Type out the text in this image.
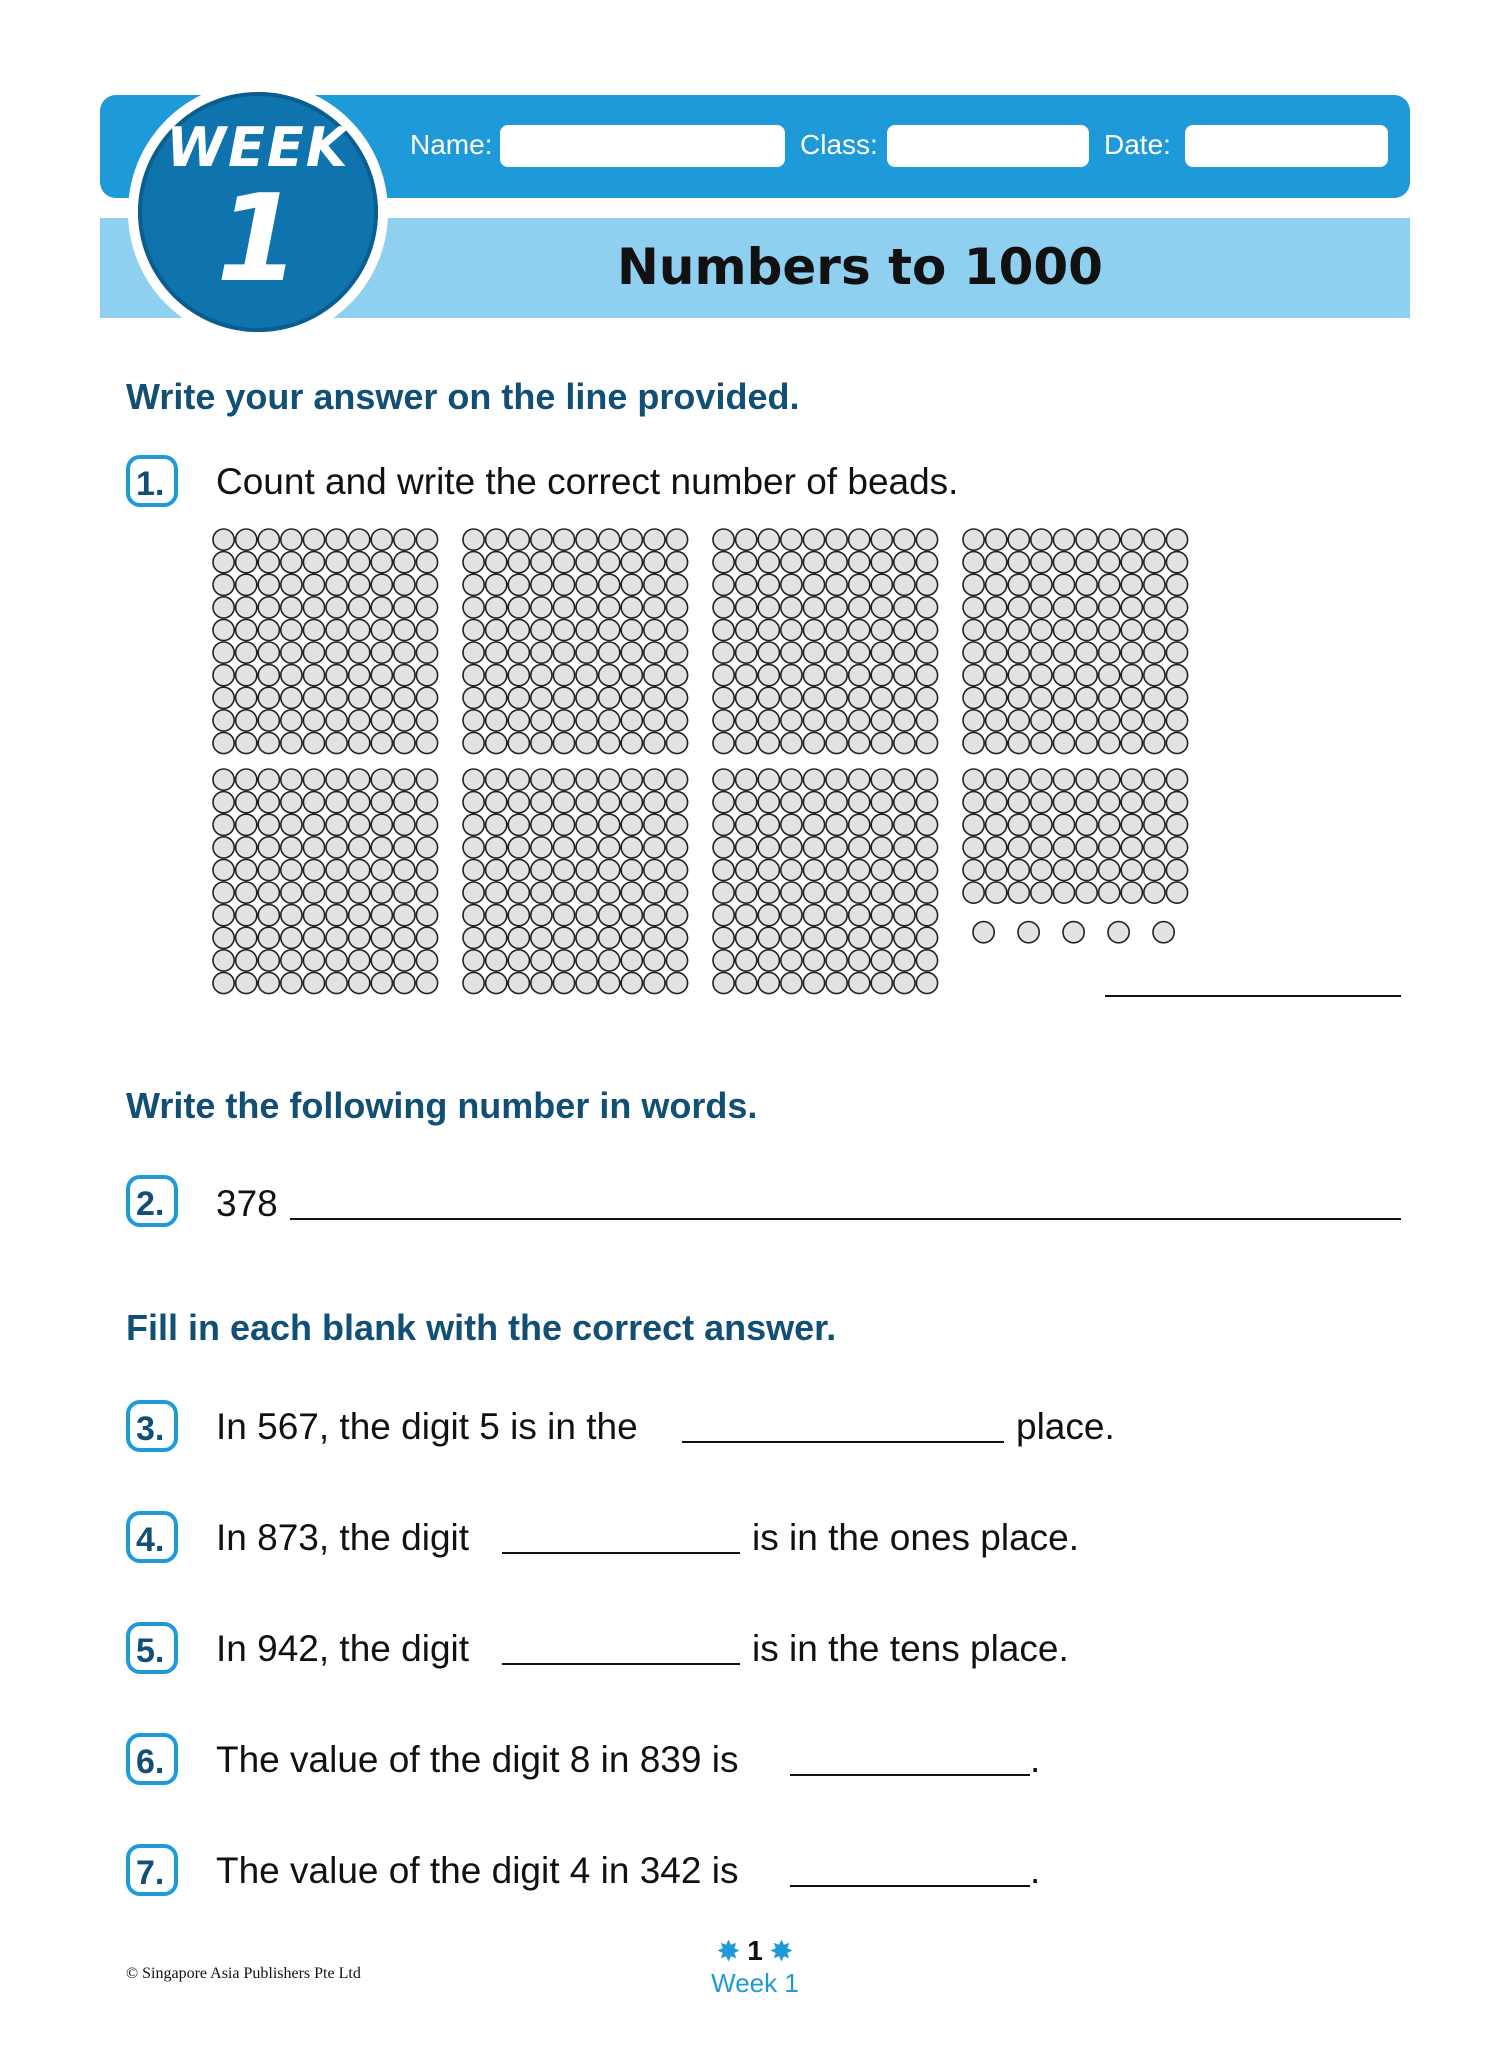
WEEK
1
Name:	Class:	Date:
Numbers to 1000
Write your answer on the line provided.
1. Count and write the correct number of beads.
Write the following number in words.
2. 378
Fill in each blank with the correct answer.
3. In 567, the digit 5 is in the	place.
4. In 873, the digit	is in the ones place.
5. In 942, the digit	is in the tens place.
6. The value of the digit 8 in 839 is	.
7. The value of the digit 4 in 342 is	.
© Singapore Asia Publishers Pte Ltd
✸ 1 ✸
Week 1
